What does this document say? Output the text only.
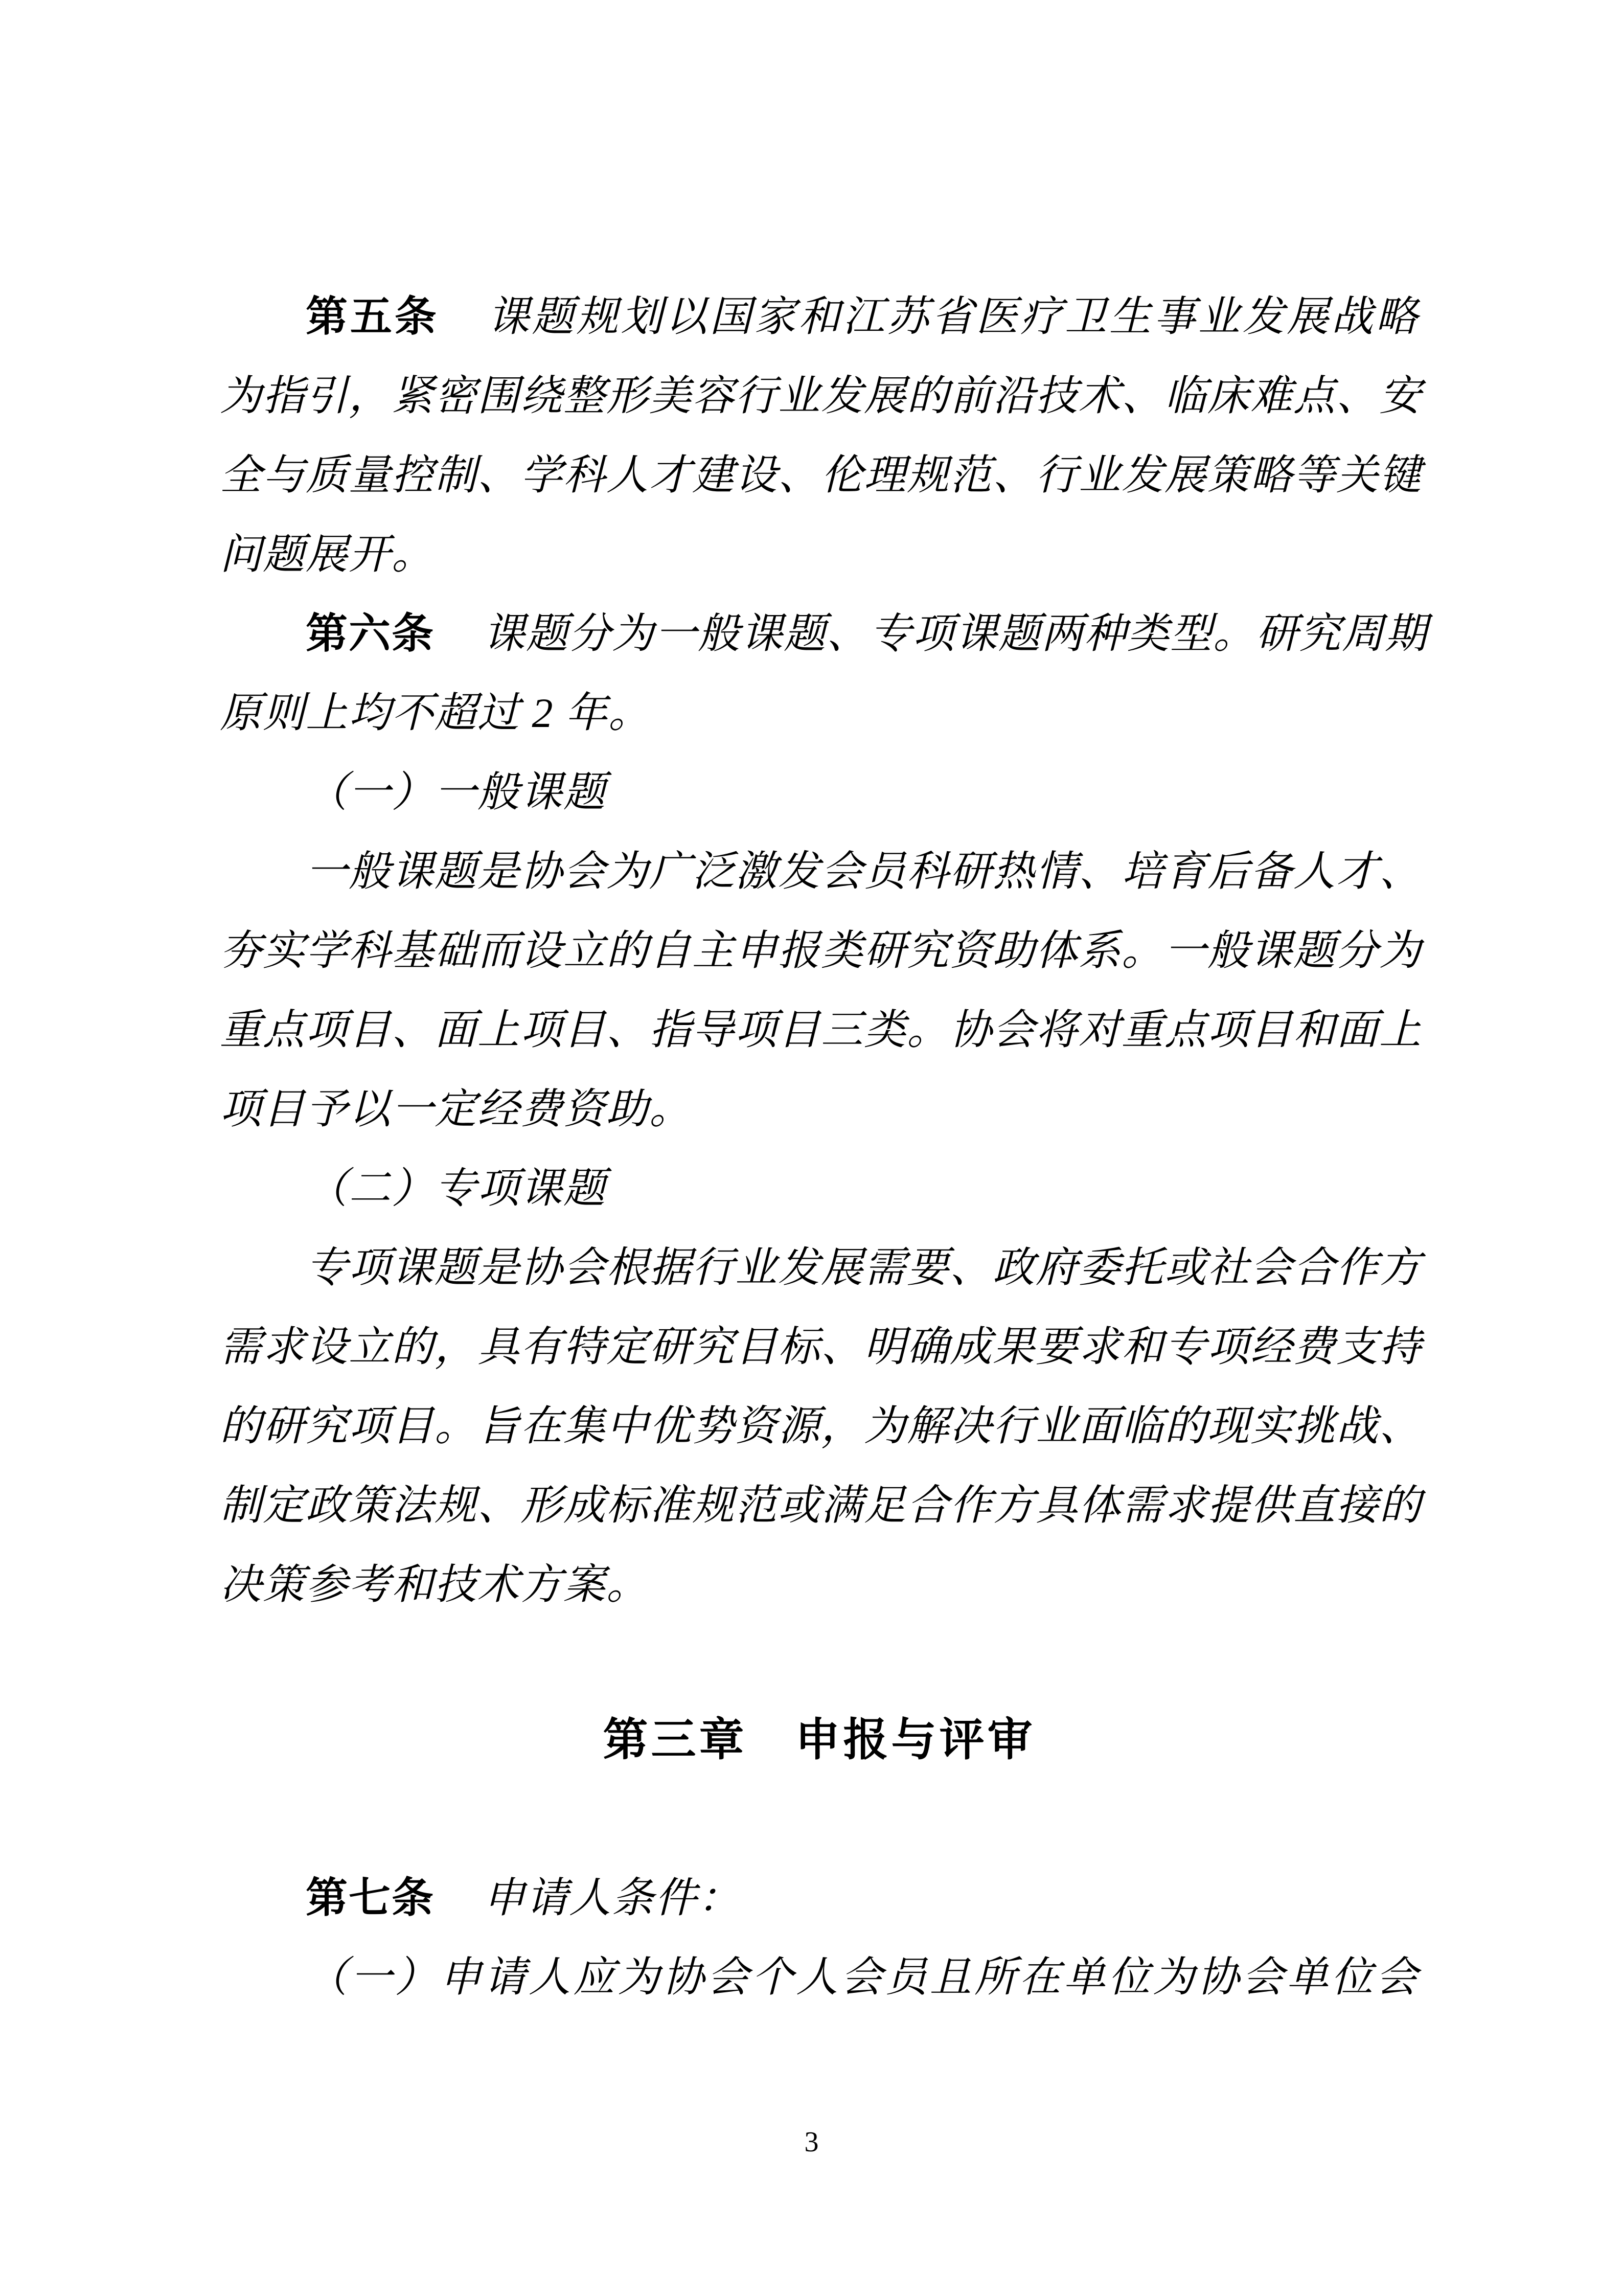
第五条 课题规划以国家和江苏省医疗卫生事业发展战略
为指引，紧密围绕整形美容行业发展的前沿技术、临床难点、安
全与质量控制、学科人才建设、伦理规范、行业发展策略等关键
问题展开。
第六条 课题分为一般课题、专项课题两种类型。研究周期
原则上均不超过 2 年。
（一）一般课题
一般课题是协会为广泛激发会员科研热情、培育后备人才、
夯实学科基础而设立的自主申报类研究资助体系。一般课题分为
重点项目、面上项目、指导项目三类。协会将对重点项目和面上
项目予以一定经费资助。
（二）专项课题
专项课题是协会根据行业发展需要、政府委托或社会合作方
需求设立的，具有特定研究目标、明确成果要求和专项经费支持
的研究项目。旨在集中优势资源，为解决行业面临的现实挑战、
制定政策法规、形成标准规范或满足合作方具体需求提供直接的
决策参考和技术方案。
第三章　申报与评审
第七条 申请人条件：
（一）申请人应为协会个人会员且所在单位为协会单位会
3
